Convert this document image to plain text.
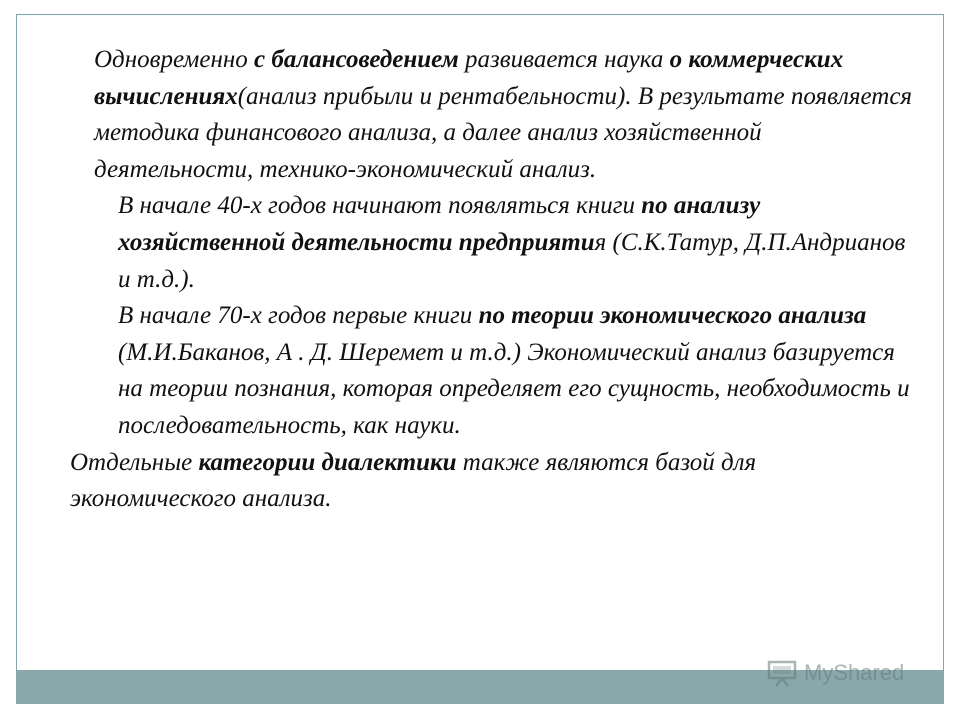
Одновременно с балансоведением развивается наука о коммерческих вычислениях(анализ прибыли и рентабельности). В результате появляется методика финансового анализа, а далее анализ хозяйственной деятельности, технико-экономический анализ.

В начале 40-х годов начинают появляться книги по анализу хозяйственной деятельности предприятия (С.К.Татур, Д.П.Андрианов и т.д.).

В начале 70-х годов первые книги по теории экономического анализа (М.И.Баканов, А . Д. Шеремет и т.д.) Экономический анализ базируется на теории познания, которая определяет его сущность, необходимость и последовательность, как науки.

Отдельные категории диалектики также являются базой для экономического анализа.

MyShared
